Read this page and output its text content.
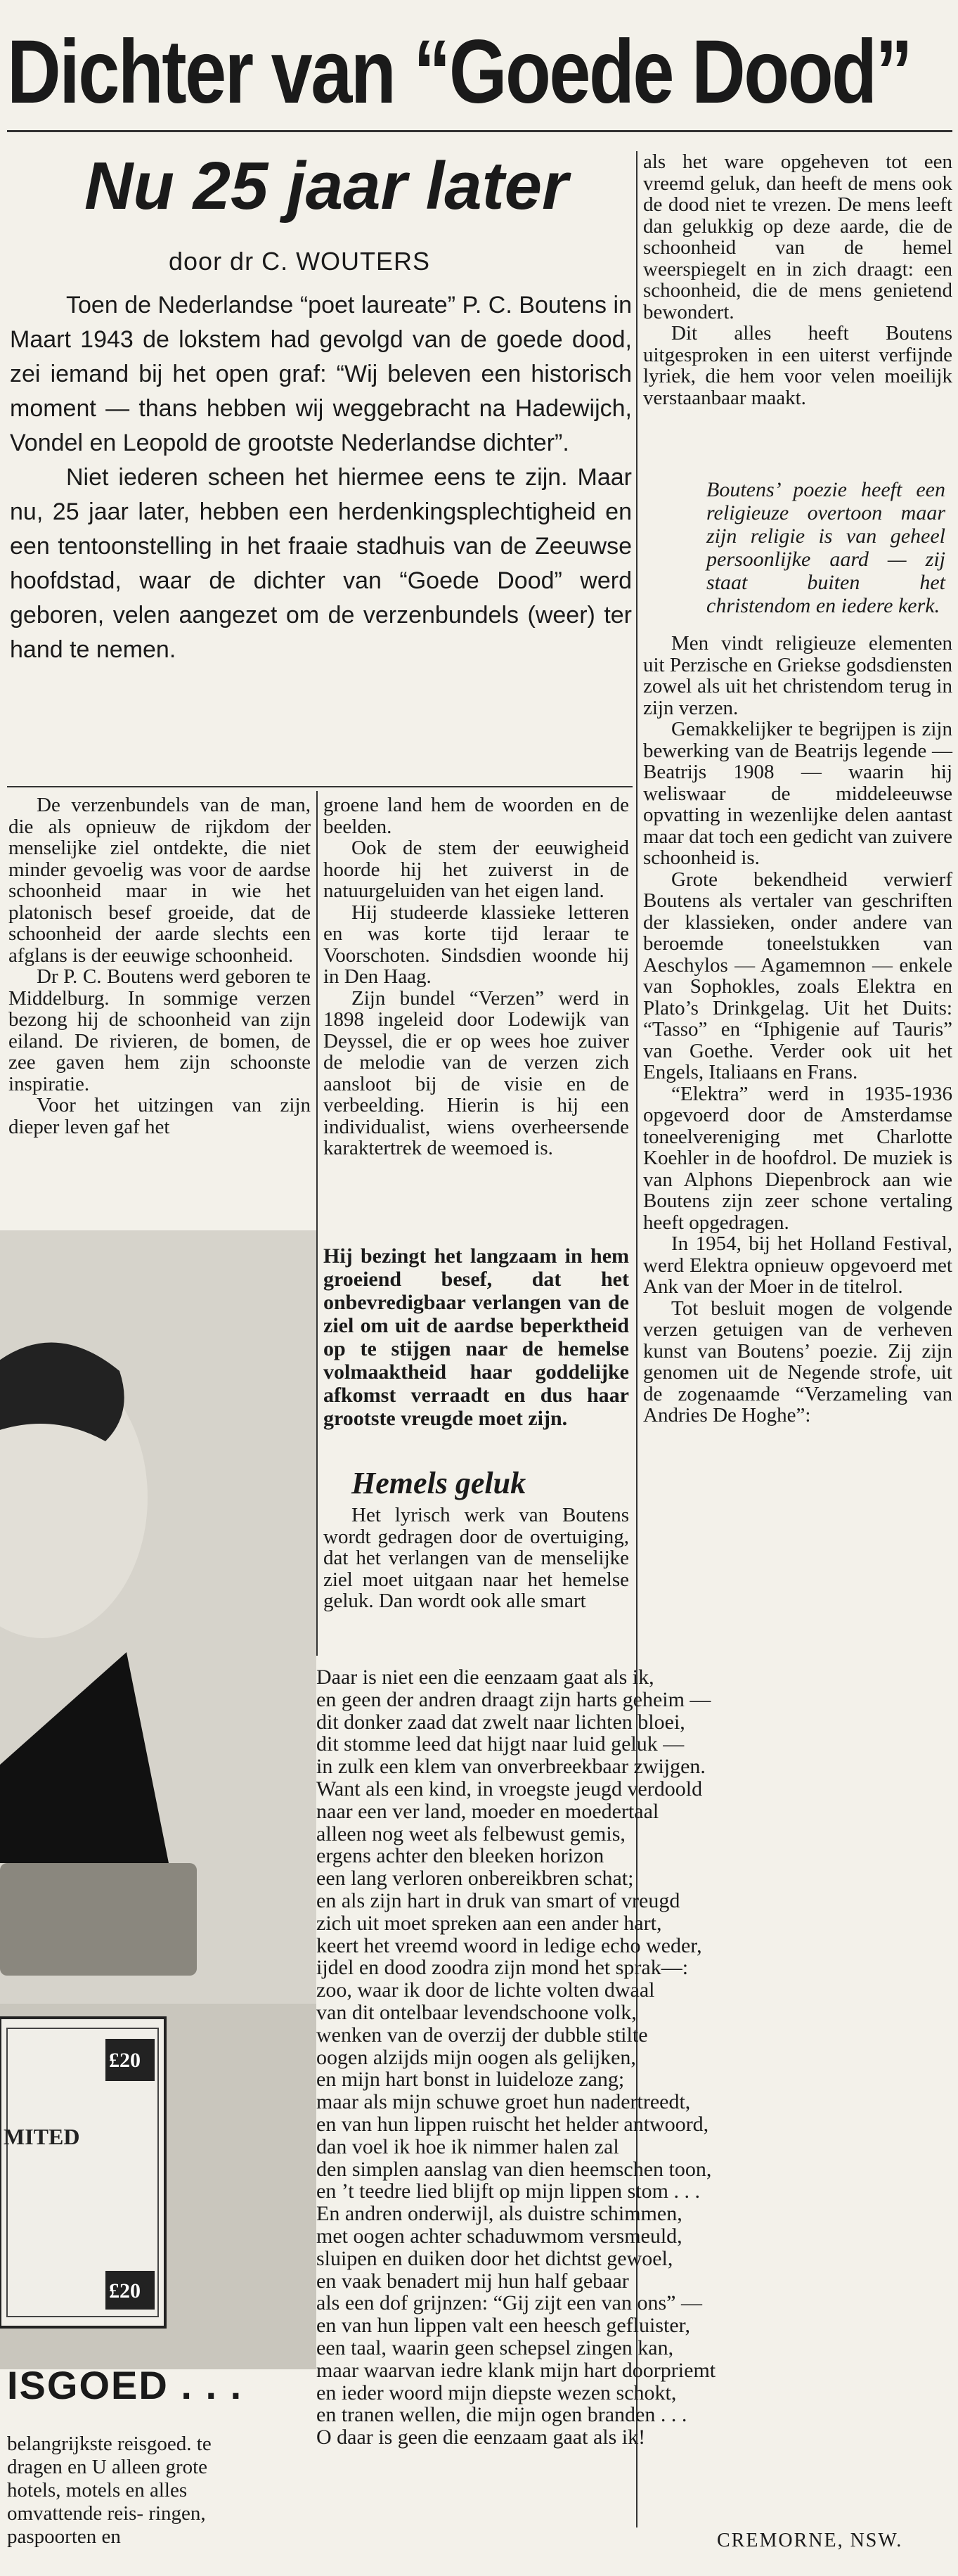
Dichter van “Goede Dood”
Nu 25 jaar later
door dr C. WOUTERS

Toen de Nederlandse “poet laureate” P. C. Boutens in Maart 1943 de lokstem had gevolgd van de goede dood, zei iemand bij het open graf: “Wij beleven een historisch moment — thans hebben wij weggebracht na Hadewijch, Vondel en Leopold de grootste Nederlandse dichter”.

Niet iederen scheen het hiermee eens te zijn. Maar nu, 25 jaar later, hebben een herdenkingsplechtigheid en een tentoonstelling in het fraaie stadhuis van de Zeeuwse hoofdstad, waar de dichter van “Goede Dood” werd geboren, velen aangezet om de verzenbundels (weer) ter hand te nemen.

De verzenbundels van de man, die als opnieuw de rijkdom der menselijke ziel ontdekte, die niet minder gevoelig was voor de aardse schoonheid maar in wie het platonisch besef groeide, dat de schoonheid der aarde slechts een afglans is der eeuwige schoonheid.

Dr P. C. Boutens werd geboren te Middelburg. In sommige verzen bezong hij de schoonheid van zijn eiland. De rivieren, de bomen, de zee gaven hem zijn schoonste inspiratie.

Voor het uitzingen van zijn dieper leven gaf het

£20
MITED
£20

groene land hem de woorden en de beelden.

Ook de stem der eeuwigheid hoorde hij het zuiverst in de natuurgeluiden van het eigen land.

Hij studeerde klassieke letteren en was korte tijd leraar te Voorschoten. Sindsdien woonde hij in Den Haag.

Zijn bundel “Verzen” werd in 1898 ingeleid door Lodewijk van Deyssel, die er op wees hoe zuiver de melodie van de verzen zich aansloot bij de visie en de verbeelding. Hierin is hij een individualist, wiens overheersende karaktertrek de weemoed is.

Hij bezingt het langzaam in hem groeiend besef, dat het onbevredigbaar verlangen van de ziel om uit de aardse beperktheid op te stijgen naar de hemelse volmaaktheid haar goddelijke afkomst verraadt en dus haar grootste vreugde moet zijn.
Hemels geluk

Het lyrisch werk van Boutens wordt gedragen door de overtuiging, dat het verlangen van de menselijke ziel moet uitgaan naar het hemelse geluk. Dan wordt ook alle smart

als het ware opgeheven tot een vreemd geluk, dan heeft de mens ook de dood niet te vrezen. De mens leeft dan gelukkig op deze aarde, die de schoonheid van de hemel weerspiegelt en in zich draagt: een schoonheid, die de mens genietend bewondert.

Dit alles heeft Boutens uitgesproken in een uiterst verfijnde lyriek, die hem voor velen moeilijk verstaanbaar maakt.

Boutens’ poezie heeft een religieuze overtoon maar zijn religie is van geheel persoonlijke aard — zij staat buiten het christendom en iedere kerk.

Men vindt religieuze elementen uit Perzische en Griekse godsdiensten zowel als uit het christendom terug in zijn verzen.

Gemakkelijker te begrijpen is zijn bewerking van de Beatrijs legende — Beatrijs 1908 — waarin hij weliswaar de middeleeuwse opvatting in wezenlijke delen aantast maar dat toch een gedicht van zuivere schoonheid is.

Grote bekendheid verwierf Boutens als vertaler van geschriften der klassieken, onder andere van beroemde toneelstukken van Aeschylos — Agamemnon — enkele van Sophokles, zoals Elektra en Plato’s Drinkgelag. Uit het Duits: “Tasso” en “Iphigenie auf Tauris” van Goethe. Verder ook uit het Engels, Italiaans en Frans.

“Elektra” werd in 1935-1936 opgevoerd door de Amsterdamse toneelvereniging met Charlotte Koehler in de hoofdrol. De muziek is van Alphons Diepenbrock aan wie Boutens zijn zeer schone vertaling heeft opgedragen.

In 1954, bij het Holland Festival, werd Elektra opnieuw opgevoerd met Ank van der Moer in de titelrol.

Tot besluit mogen de volgende verzen getuigen van de verheven kunst van Boutens’ poezie. Zij zijn genomen uit de Negende strofe, uit de zogenaamde “Verzameling van Andries De Hoghe”:

Daar is niet een die eenzaam gaat als ik,
en geen der andren draagt zijn harts geheim —
dit donker zaad dat zwelt naar lichten bloei,
dit stomme leed dat hijgt naar luid geluk —
in zulk een klem van onverbreekbaar zwijgen.
Want als een kind, in vroegste jeugd verdoold
naar een ver land, moeder en moedertaal
alleen nog weet als felbewust gemis,
ergens achter den bleeken horizon
een lang verloren onbereikbren schat;
en als zijn hart in druk van smart of vreugd
zich uit moet spreken aan een ander hart,
keert het vreemd woord in ledige echo weder,
ijdel en dood zoodra zijn mond het sprak—:
zoo, waar ik door de lichte volten dwaal
van dit ontelbaar levendschoone volk,
wenken van de overzij der dubble stilte
oogen alzijds mijn oogen als gelijken,
en mijn hart bonst in luideloze zang;
maar als mijn schuwe groet hun nadertreedt,
en van hun lippen ruischt het helder antwoord,
dan voel ik hoe ik nimmer halen zal
den simplen aanslag van dien heemschen toon,
en ’t teedre lied blijft op mijn lippen stom . . .
En andren onderwijl, als duistre schimmen,
met oogen achter schaduwmom versmeuld,
sluipen en duiken door het dichtst gewoel,
en vaak benadert mij hun half gebaar
als een dof grijnzen: “Gij zijt een van ons” —
en van hun lippen valt een heesch gefluister,
een taal, waarin geen schepsel zingen kan,
maar waarvan iedre klank mijn hart doorpriemt
en ieder woord mijn diepste wezen schokt,
en tranen wellen, die mijn ogen branden . . .
O daar is geen die eenzaam gaat als ik!
CREMORNE, NSW.
ISGOED . . .
belangrijkste reisgoed. te dragen en U alleen grote hotels, motels en alles omvattende reis- ringen, paspoorten en
